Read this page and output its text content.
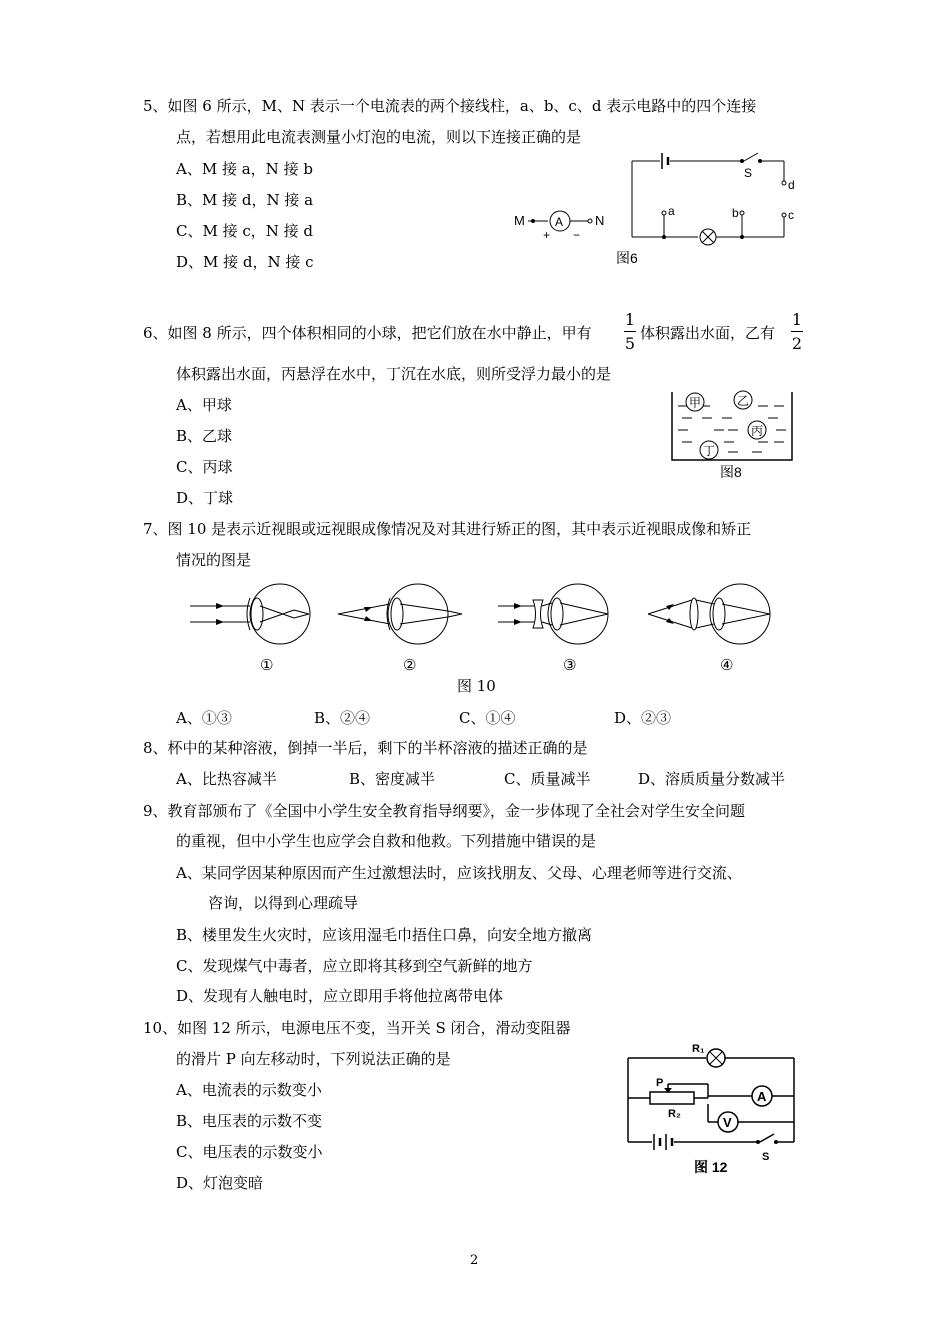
5、如图 6 所示，M、N 表示一个电流表的两个接线柱，a、b、c、d 表示电路中的四个连接
点，若想用此电流表测量小灯泡的电流，则以下连接正确的是
A、M 接 a，N 接 b
B、M 接 d，N 接 a
C、M 接 c，N 接 d
D、M 接 d，N 接 c
M	A
+ −
N
S
d
c
a	b
图6
6、如图 8 所示，四个体积相同的小球，把它们放在水中静止，甲有
1
5
体积露出水面，乙有
1
2
体积露出水面，丙悬浮在水中，丁沉在水底，则所受浮力最小的是
A、甲球
B、乙球
C、丙球
D、丁球
甲	乙
丙
丁
图8
7、图 10 是表示近视眼或远视眼成像情况及对其进行矫正的图，其中表示近视眼成像和矫正
情况的图是
①	②	③	④
图 10
A、①③	B、②④	C、①④	D、②③
8、杯中的某种溶液，倒掉一半后，剩下的半杯溶液的描述正确的是
A、比热容减半	B、密度减半	C、质量减半	D、溶质质量分数减半
9、教育部颁布了《全国中小学生安全教育指导纲要》，金一步体现了全社会对学生安全问题
的重视，但中小学生也应学会自救和他救。下列措施中错误的是
A、某同学因某种原因而产生过激想法时，应该找朋友、父母、心理老师等进行交流、
咨询，以得到心理疏导
B、楼里发生火灾时，应该用湿毛巾捂住口鼻，向安全地方撤离
C、发现煤气中毒者，应立即将其移到空气新鲜的地方
D、发现有人触电时，应立即用手将他拉离带电体
10、如图 12 所示，电源电压不变，当开关 S 闭合，滑动变阻器
的滑片 P 向左移动时，下列说法正确的是
A、电流表的示数变小
B、电压表的示数不变
C、电压表的示数变小
D、灯泡变暗
R₁
A
P
R₂
V
S
图 12
2
